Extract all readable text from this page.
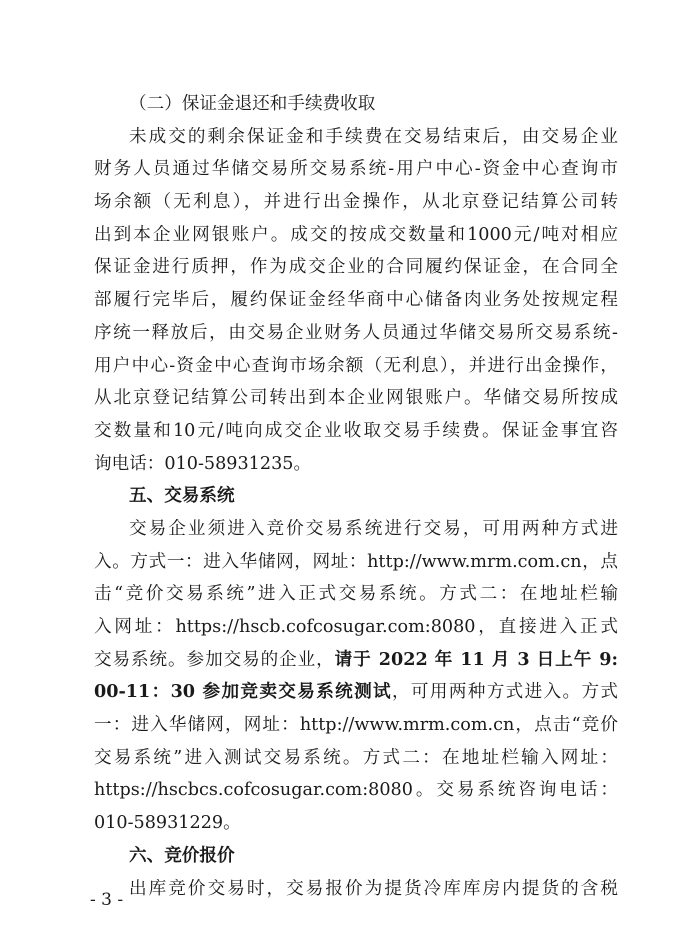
（二）保证金退还和手续费收取
未成交的剩余保证金和手续费在交易结束后，由交易企业
财务人员通过华储交易所交易系统-用户中心-资金中心查询市
场余额（无利息），并进行出金操作，从北京登记结算公司转
出到本企业网银账户。成交的按成交数量和1000元/吨对相应
保证金进行质押，作为成交企业的合同履约保证金，在合同全
部履行完毕后，履约保证金经华商中心储备肉业务处按规定程
序统一释放后，由交易企业财务人员通过华储交易所交易系统-
用户中心-资金中心查询市场余额（无利息），并进行出金操作，
从北京登记结算公司转出到本企业网银账户。华储交易所按成
交数量和10元/吨向成交企业收取交易手续费。保证金事宜咨
询电话：010-58931235。
五、交易系统
交易企业须进入竞价交易系统进行交易，可用两种方式进
入。方式一：进入华储网，网址：http://www.mrm.com.cn，点
击“竞价交易系统”进入正式交易系统。方式二：在地址栏输
入网址：https://hscb.cofcosugar.com:8080，直接进入正式
交易系统。参加交易的企业，请于 2022 年 11 月 3 日上午 9:
00-11：30 参加竞卖交易系统测试，可用两种方式进入。方式
一：进入华储网，网址：http://www.mrm.com.cn，点击“竞价
交易系统”进入测试交易系统。方式二：在地址栏输入网址：
https://hscbcs.cofcosugar.com:8080。交易系统咨询电话：
010-58931229。
六、竞价报价
出库竞价交易时，交易报价为提货冷库库房内提货的含税
- 3 -
